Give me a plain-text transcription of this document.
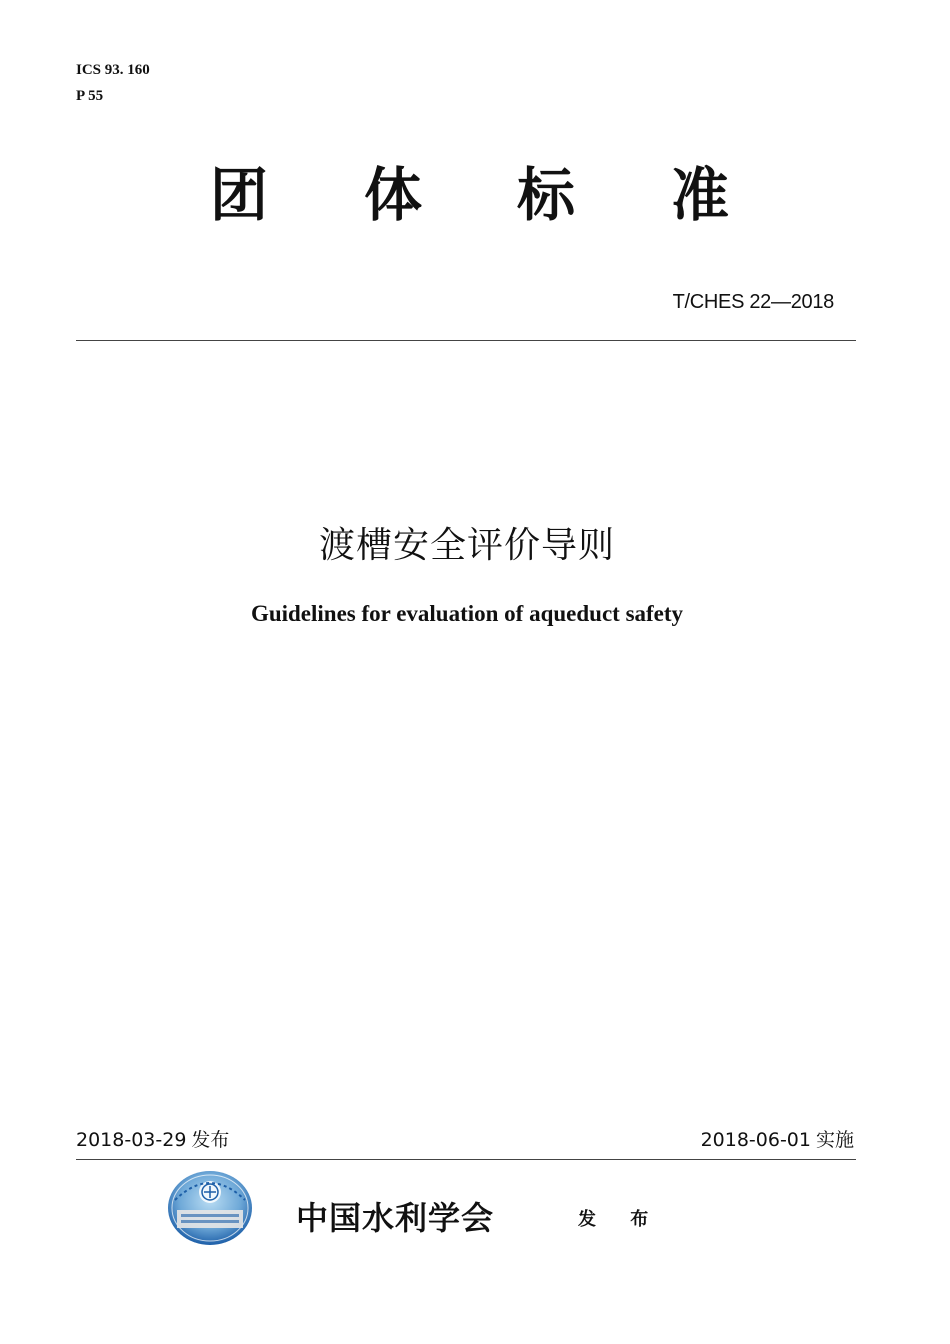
ICS 93. 160
P 55
团 体 标 准
T/CHES 22—2018
渡槽安全评价导则
Guidelines for evaluation of aqueduct safety
2018-03-29 发布	2018-06-01 实施
中国水利学会	发 布
